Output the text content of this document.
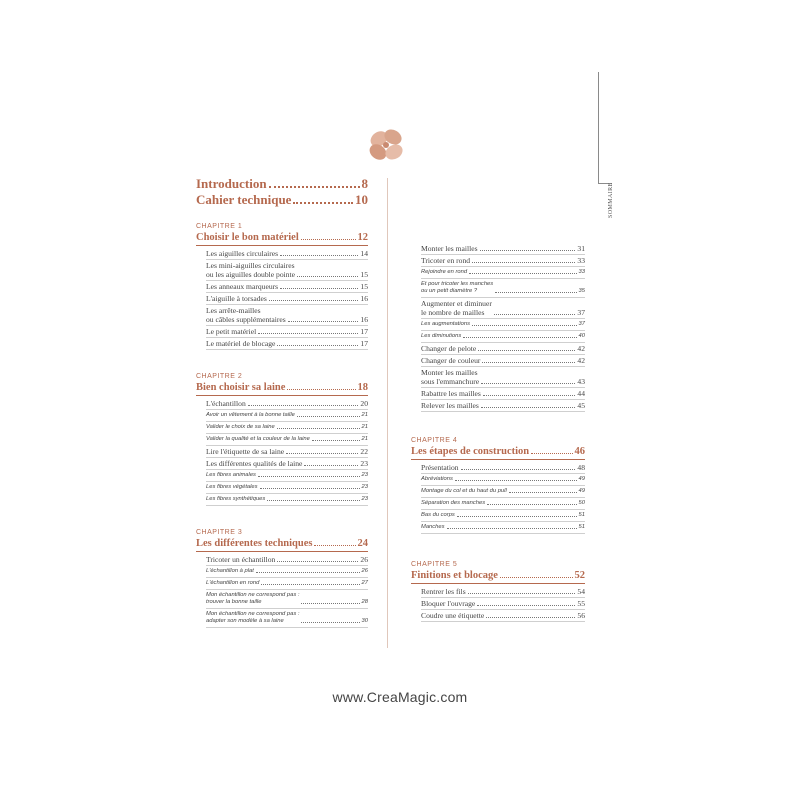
SOMMAIRE
Introduction	8
Cahier technique	10
CHAPITRE 1
Choisir le bon matériel	12
Les aiguilles circulaires	14
Les mini-aiguilles circulaires
ou les aiguilles double pointe	15
Les anneaux marqueurs	15
L'aiguille à torsades	16
Les arrête-mailles
ou câbles supplémentaires	16
Le petit matériel	17
Le matériel de blocage	17
CHAPITRE 2
Bien choisir sa laine	18
L'échantillon	20
Avoir un vêtement à la bonne taille	21
Valider le choix de sa laine	21
Valider la qualité et la couleur de la laine	21
Lire l'étiquette de sa laine	22
Les différentes qualités de laine	23
Les fibres animales	23
Les fibres végétales	23
Les fibres synthétiques	23
CHAPITRE 3
Les différentes techniques	24
Tricoter un échantillon	26
L'échantillon à plat	26
L'échantillon en rond	27
Mon échantillon ne correspond pas :
trouver la bonne taille	28
Mon échantillon ne correspond pas :
adapter son modèle à sa laine	30
Monter les mailles	31
Tricoter en rond	33
Rejoindre en rond	33
Et pour tricoter les manches
ou un petit diamètre ?	35
Augmenter et diminuer
le nombre de mailles	37
Les augmentations	37
Les diminutions	40
Changer de pelote	42
Changer de couleur	42
Monter les mailles
sous l'emmanchure	43
Rabattre les mailles	44
Relever les mailles	45
CHAPITRE 4
Les étapes de construction	46
Présentation	48
Abréviations	49
Montage du col et du haut du pull	49
Séparation des manches	50
Bas du corps	51
Manches	51
CHAPITRE 5
Finitions et blocage	52
Rentrer les fils	54
Bloquer l'ouvrage	55
Coudre une étiquette	56
www.CreaMagic.com
